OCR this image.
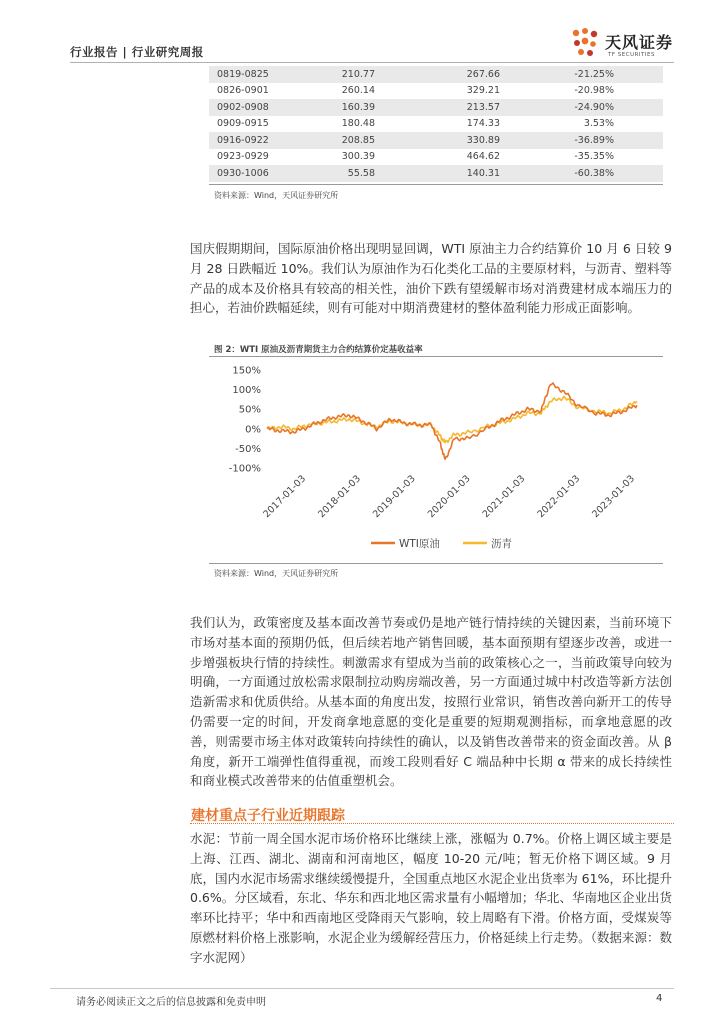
行业报告 | 行业研究周报	天风证券
TF SECURITIES
0819-0825	210.77	267.66	-21.25%
0826-0901	260.14	329.21	-20.98%
0902-0908	160.39	213.57	-24.90%
0909-0915	180.48	174.33	3.53%
0916-0922	208.85	330.89	-36.89%
0923-0929	300.39	464.62	-35.35%
0930-1006	55.58	140.31	-60.38%
资料来源：Wind，天风证券研究所
国庆假期期间，国际原油价格出现明显回调，WTI 原油主力合约结算价 10 月 6 日较 9 月 28 日跌幅近 10%。我们认为原油作为石化类化工品的主要原材料，与沥青、塑料等产品的成本及价格具有较高的相关性，油价下跌有望缓解市场对消费建材成本端压力的担心，若油价跌幅延续，则有可能对中期消费建材的整体盈利能力形成正面影响。
图 2：WTI 原油及沥青期货主力合约结算价定基收益率
150%
100%
50%
0%
-50%
-100%
2017-01-03 2018-01-03 2019-01-03 2020-01-03 2021-01-03 2022-01-03 2023-01-03
WTI原油	沥青
资料来源：Wind，天风证券研究所
我们认为，政策密度及基本面改善节奏或仍是地产链行情持续的关键因素，当前环境下市场对基本面的预期仍低，但后续若地产销售回暖，基本面预期有望逐步改善，或进一步增强板块行情的持续性。刺激需求有望成为当前的政策核心之一，当前政策导向较为明确，一方面通过放松需求限制拉动购房端改善，另一方面通过城中村改造等新方法创造新需求和优质供给。从基本面的角度出发，按照行业常识，销售改善向新开工的传导仍需要一定的时间，开发商拿地意愿的变化是重要的短期观测指标，而拿地意愿的改善，则需要市场主体对政策转向持续性的确认，以及销售改善带来的资金面改善。从 β 角度，新开工端弹性值得重视，而竣工段则看好 C 端品种中长期 α 带来的成长持续性和商业模式改善带来的估值重塑机会。
建材重点子行业近期跟踪
水泥：节前一周全国水泥市场价格环比继续上涨，涨幅为 0.7%。价格上调区域主要是上海、江西、湖北、湖南和河南地区，幅度 10-20 元/吨；暂无价格下调区域。9 月底，国内水泥市场需求继续缓慢提升，全国重点地区水泥企业出货率为 61%，环比提升 0.6%。分区域看，东北、华东和西北地区需求量有小幅增加；华北、华南地区企业出货率环比持平；华中和西南地区受降雨天气影响，较上周略有下滑。价格方面，受煤炭等原燃材料价格上涨影响，水泥企业为缓解经营压力，价格延续上行走势。（数据来源：数字水泥网）
请务必阅读正文之后的信息披露和免责申明	4
